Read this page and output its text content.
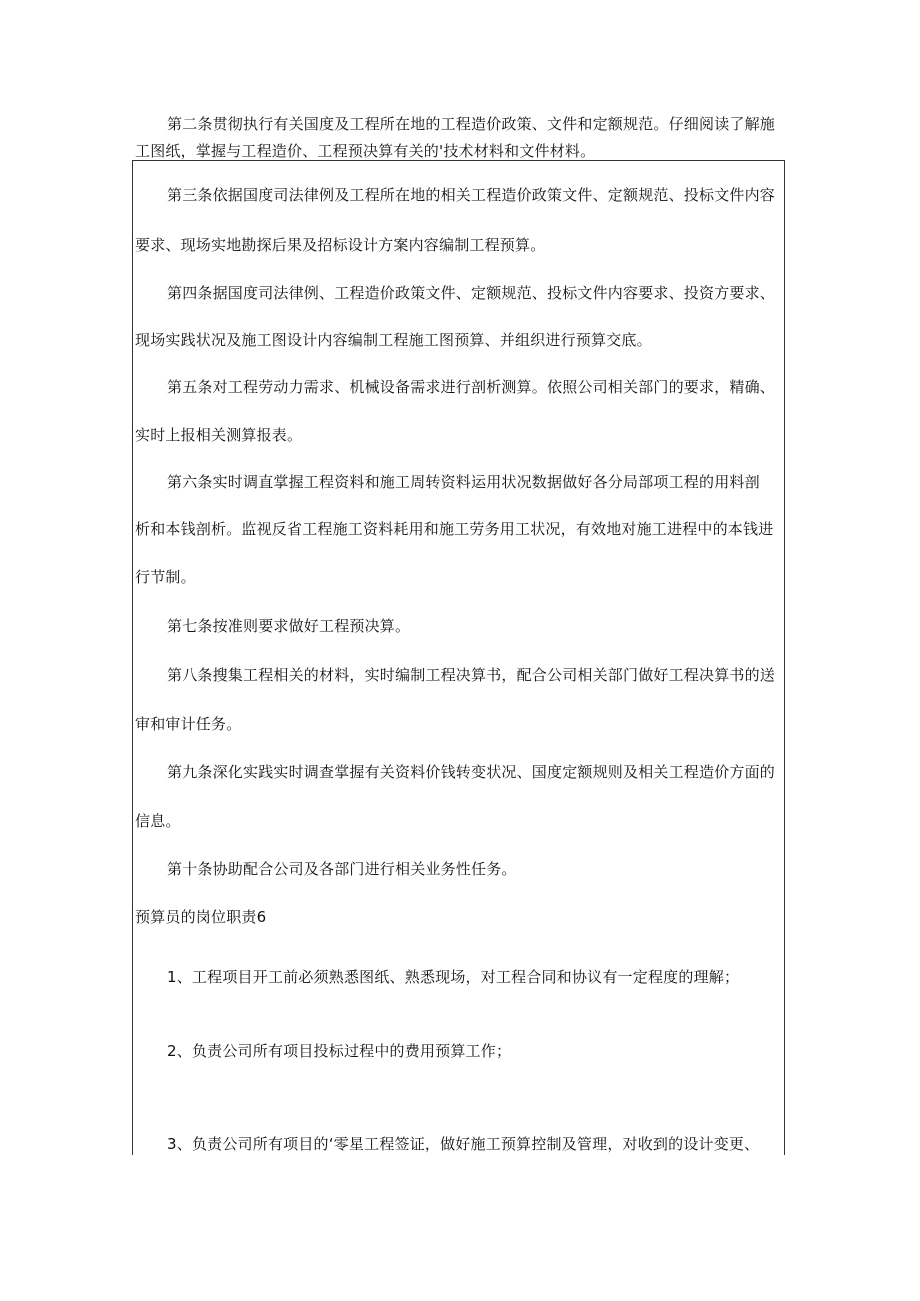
第二条贯彻执行有关国度及工程所在地的工程造价政策、文件和定额规范。仔细阅读了解施
工图纸，掌握与工程造价、工程预决算有关的'技术材料和文件材料。
第三条依据国度司法律例及工程所在地的相关工程造价政策文件、定额规范、投标文件内容
要求、现场实地勘探后果及招标设计方案内容编制工程预算。
第四条据国度司法律例、工程造价政策文件、定额规范、投标文件内容要求、投资方要求、
现场实践状况及施工图设计内容编制工程施工图预算、并组织进行预算交底。
第五条对工程劳动力需求、机械设备需求进行剖析测算。依照公司相关部门的要求，精确、
实时上报相关测算报表。
第六条实时调直掌握工程资料和施工周转资料运用状况数据做好各分局部项工程的用料剖
析和本钱剖析。监视反省工程施工资料耗用和施工劳务用工状况，有效地对施工进程中的本钱进
行节制。
第七条按准则要求做好工程预决算。
第八条搜集工程相关的材料，实时编制工程决算书，配合公司相关部门做好工程决算书的送
审和审计任务。
第九条深化实践实时调查掌握有关资料价钱转变状况、国度定额规则及相关工程造价方面的
信息。
第十条协助配合公司及各部门进行相关业务性任务。
预算员的岗位职责6
1、工程项目开工前必须熟悉图纸、熟悉现场，对工程合同和协议有一定程度的理解；
2、负责公司所有项目投标过程中的费用预算工作；
3、负责公司所有项目的‘零星工程签证，做好施工预算控制及管理，对收到的设计变更、
